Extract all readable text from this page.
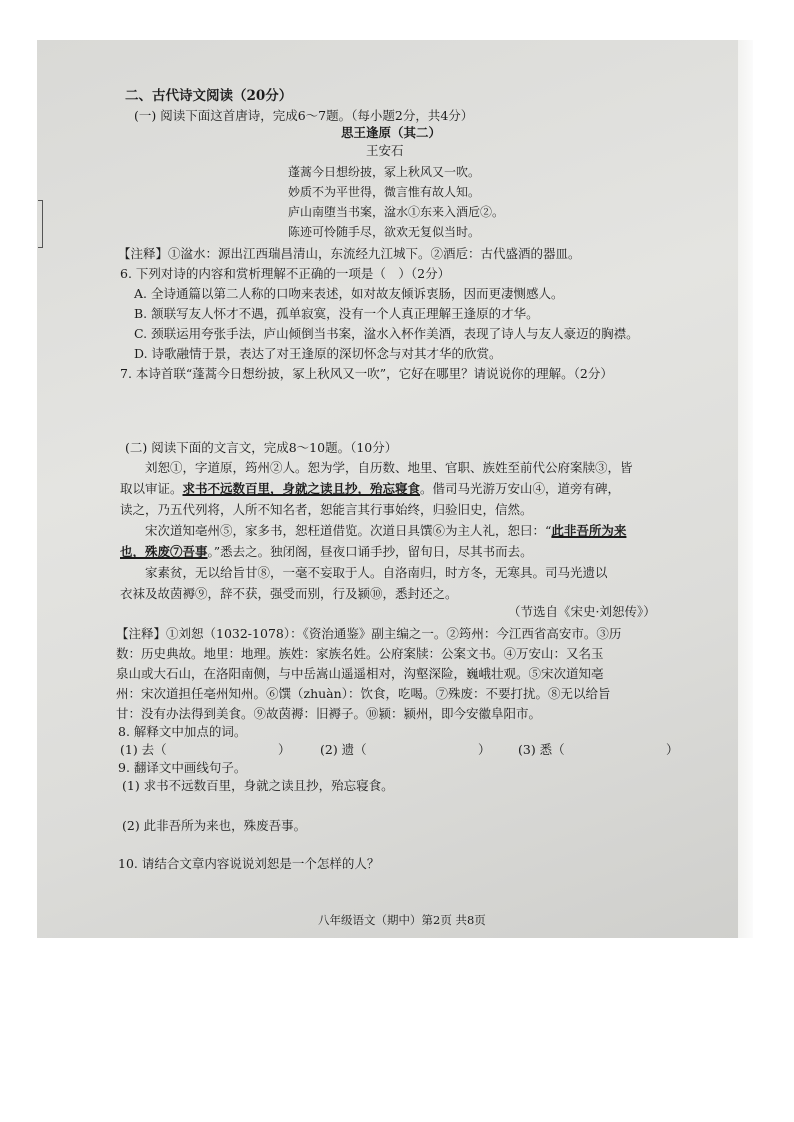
二、古代诗文阅读（20分）
(一) 阅读下面这首唐诗，完成6～7题。（每小题2分，共4分）
思王逢原（其二）
王安石
蓬蒿今日想纷披，冢上秋风又一吹。
妙质不为平世得，微言惟有故人知。
庐山南堕当书案，湓水①东来入酒卮②。
陈迹可怜随手尽，欲欢无复似当时。
【注释】①湓水：源出江西瑞昌清山，东流经九江城下。②酒卮：古代盛酒的器皿。
6. 下列对诗的内容和赏析理解不正确的一项是（　）（2分）
A. 全诗通篇以第二人称的口吻来表述，如对故友倾诉衷肠，因而更凄恻感人。
B. 颔联写友人怀才不遇，孤单寂寞，没有一个人真正理解王逢原的才华。
C. 颈联运用夸张手法，庐山倾倒当书案，湓水入杯作美酒，表现了诗人与友人豪迈的胸襟。
D. 诗歌融情于景，表达了对王逢原的深切怀念与对其才华的欣赏。
7. 本诗首联“蓬蒿今日想纷披，冢上秋风又一吹”，它好在哪里？请说说你的理解。（2分）
(二) 阅读下面的文言文，完成8～10题。（10分）
　　刘恕①，字道原，筠州②人。恕为学，自历数、地里、官职、族姓至前代公府案牍③，皆
取以审证。求书不远数百里，身就之读且抄，殆忘寝食。偕司马光游万安山④，道旁有碑，
读之，乃五代列将，人所不知名者，恕能言其行事始终，归验旧史，信然。
　　宋次道知亳州⑤，家多书，恕枉道借览。次道日具馔⑥为主人礼，恕曰：“此非吾所为来
也，殊废⑦吾事。”悉去之。独闭阁，昼夜口诵手抄，留旬日，尽其书而去。
　　家素贫，无以给旨甘⑧，一毫不妄取于人。自洛南归，时方冬，无寒具。司马光遗以
衣袜及故茵褥⑨，辞不获，强受而别，行及颍⑩，悉封还之。
（节选自《宋史·刘恕传》）
【注释】①刘恕（1032-1078）：《资治通鉴》副主编之一。②筠州：今江西省高安市。③历
数：历史典故。地里：地理。族姓：家族名姓。公府案牍：公案文书。④万安山：又名玉
泉山或大石山，在洛阳南侧，与中岳嵩山遥遥相对，沟壑深险，巍峨壮观。⑤宋次道知亳
州：宋次道担任亳州知州。⑥馔（zhuàn）：饮食，吃喝。⑦殊废：不要打扰。⑧无以给旨
甘：没有办法得到美食。⑨故茵褥：旧褥子。⑩颍：颍州，即今安徽阜阳市。
8. 解释文中加点的词。
(1) 去（	） (2) 遗（	） (3) 悉（	）
9. 翻译文中画线句子。
(1) 求书不远数百里，身就之读且抄，殆忘寝食。
(2) 此非吾所为来也，殊废吾事。
10. 请结合文章内容说说刘恕是一个怎样的人？
八年级语文（期中）第2页 共8页
